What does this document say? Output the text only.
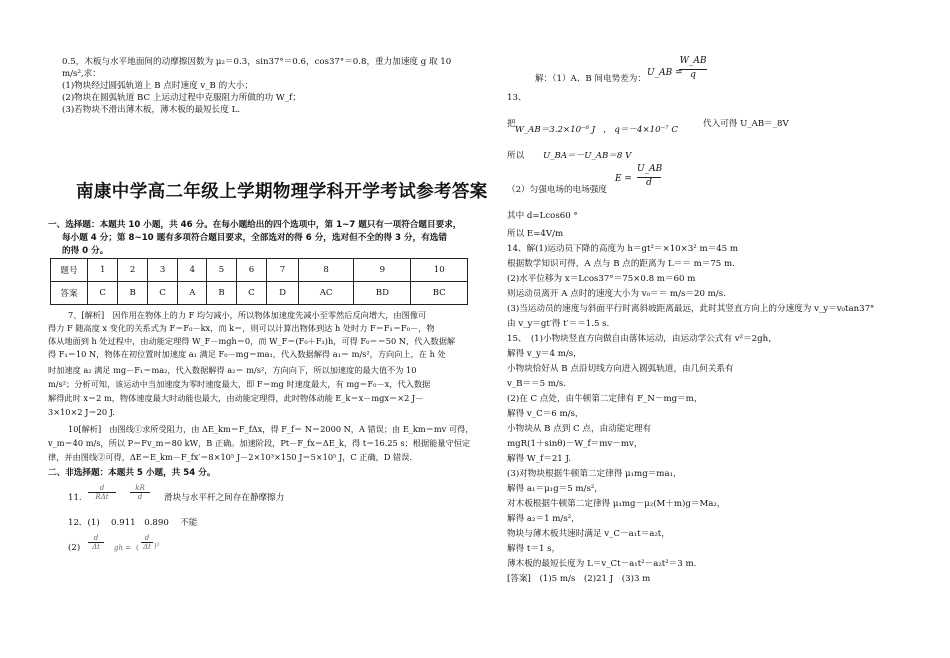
0.5，木板与水平地面间的动摩擦因数为 μ₂＝0.3，sin37°＝0.6，cos37°＝0.8，重力加速度 g 取 10
m/s²,求：
(1)物块经过圆弧轨道上 B 点时速度 v_B 的大小；
(2)物块在圆弧轨道 BC 上运动过程中克服阻力所做的功 W_f；
(3)若物块不滑出薄木板，薄木板的最短长度 L.
南康中学高二年级上学期物理学科开学考试参考答案
一、选择题：本题共 10 小题，共 46 分。在每小题给出的四个选项中，第 1~7 题只有一项符合题目要求，
每小题 4 分；第 8~10 题有多项符合题目要求，全部选对的得 6 分，选对但不全的得 3 分，有选错
的得 0 分。
题号	1	2	3	4	5	6	7	8	9	10
答案	C	B	C	A	B	C	D	AC	BD	BC
7、[解析]　因作用在物体上的力 F 均匀减小，所以物体加速度先减小至零然后反向增大，由图像可
得力 F 随高度 x 变化的关系式为 F＝F₀－kx，而 k＝，则可以计算出物体到达 h 处时力 F＝F₁＝F₀－，物
体从地面到 h 处过程中，由动能定理得 W_F－mgh＝0，而 W_F＝(F₀＋F₁)h，可得 F₀＝＝50 N，代入数据解
得 F₁＝10 N，物体在初位置时加速度 a₁ 满足 F₀－mg＝ma₁，代入数据解得 a₁＝ m/s²，方向向上，在 h 处
时加速度 a₂ 满足 mg－F₁＝ma₂，代入数据解得 a₂＝ m/s²，方向向下，所以加速度的最大值不为 10
m/s²；分析可知，该运动中当加速度为零时速度最大，即 F＝mg 时速度最大，有 mg＝F₀－x，代入数据
解得此时 x＝2 m，物体速度最大时动能也最大，由动能定理得，此时物体动能 E_k＝x－mgx＝×2 J－
3×10×2 J＝20 J.
10[解析]　由图线①求所受阻力，由 ΔE_km＝F_fΔx，得 F_f＝ N＝2000 N，A 错误；由 E_km＝mv 可得，
v_m＝40 m/s，所以 P＝Fv_m＝80 kW，B 正确。加速阶段，Pt－F_fx＝ΔE_k，得 t＝16.25 s；根据能量守恒定
律，并由图线②可得，ΔE＝E_km－F_fx′＝8×10⁵ J－2×10³×150 J＝5×10⁵ J，C 正确，D 错误.
二、非选择题：本题共 5 小题，共 54 分。
11.
d
RΔt	$\frac{kR}{d}$ 滑块与水平杆之间存在静摩擦力
12．(1)　 0.911　0.890　 不能
$(2) \frac{d}{\Delta t}$ gh = ( $\frac{d}{\Delta t} )^2$
13、
解：（1）A、B 间电势差为：
U_AB =
W_AB
q
把
W_AB＝3.2×10⁻⁶ J ， q＝－4×10⁻⁷ C
代入可得 U_AB＝_8V
所以 U_BA＝－U_AB＝8 V
（2）匀强电场的电场强度
E =
U_AB
d
其中 d=Lcos60 °
所以 E=4V/m
14、解(1)运动员下降的高度为 h＝gt²＝×10×3² m＝45 m
根据数学知识可得，A 点与 B 点的距离为 L＝＝ m＝75 m.
(2)水平位移为 x＝Lcos37°＝75×0.8 m＝60 m
则运动员离开 A 点时的速度大小为 v₀＝＝ m/s＝20 m/s.
(3)当运动员的速度与斜面平行时离斜坡距离最远，此时其竖直方向上的分速度为 v_y＝v₀tan37°
由 v_y＝gt′得 t′＝＝1.5 s.
15、　(1)小物块竖直方向做自由落体运动，由运动学公式有 v²＝2gh，
解得 v_y＝4 m/s，
小物块恰好从 B 点沿切线方向进入圆弧轨道，由几何关系有
v_B＝＝5 m/s.
(2)在 C 点处，由牛顿第二定律有 F_N－mg＝m，
解得 v_C＝6 m/s，
小物块从 B 点到 C 点，由动能定理有
mgR(1＋sinθ)－W_f＝mv－mv，
解得 W_f＝21 J.
(3)对物块根据牛顿第二定律得 μ₁mg＝ma₁，
解得 a₁＝μ₁g＝5 m/s²，
对木板根据牛顿第二定律得 μ₁mg－μ₂(M＋m)g＝Ma₂，
解得 a₂＝1 m/s²，
物块与薄木板共速时满足 v_C－a₁t＝a₂t，
解得 t＝1 s，
薄木板的最短长度为 L＝v_Ct－a₁t²－a₂t²＝3 m.
[答案]　(1)5 m/s　(2)21 J　(3)3 m
